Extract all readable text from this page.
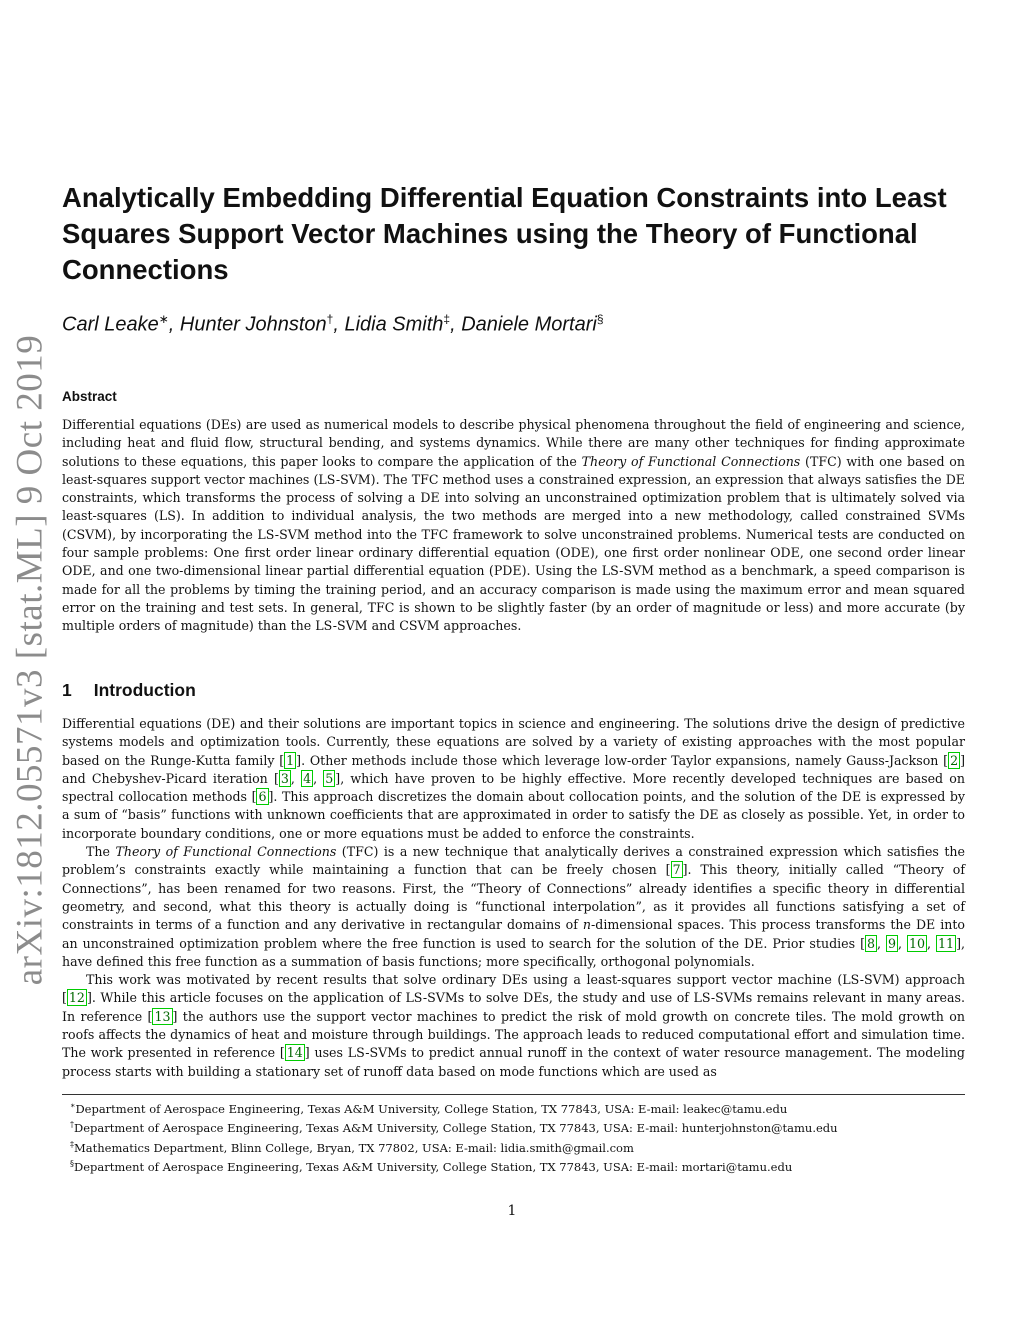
arXiv:1812.05571v3 [stat.ML] 9 Oct 2019
Analytically Embedding Differential Equation Constraints into Least Squares Support Vector Machines using the Theory of Functional Connections
Carl Leake∗, Hunter Johnston†, Lidia Smith‡, Daniele Mortari§
Abstract
Differential equations (DEs) are used as numerical models to describe physical phenomena throughout the field of engineering and science, including heat and fluid flow, structural bending, and systems dynamics. While there are many other techniques for finding approximate solutions to these equations, this paper looks to compare the application of the Theory of Functional Connections (TFC) with one based on least-squares support vector machines (LS-SVM). The TFC method uses a constrained expression, an expression that always satisfies the DE constraints, which transforms the process of solving a DE into solving an unconstrained optimization problem that is ultimately solved via least-squares (LS). In addition to individual analysis, the two methods are merged into a new methodology, called constrained SVMs (CSVM), by incorporating the LS-SVM method into the TFC framework to solve unconstrained problems. Numerical tests are conducted on four sample problems: One first order linear ordinary differential equation (ODE), one first order nonlinear ODE, one second order linear ODE, and one two-dimensional linear partial differential equation (PDE). Using the LS-SVM method as a benchmark, a speed comparison is made for all the problems by timing the training period, and an accuracy comparison is made using the maximum error and mean squared error on the training and test sets. In general, TFC is shown to be slightly faster (by an order of magnitude or less) and more accurate (by multiple orders of magnitude) than the LS-SVM and CSVM approaches.
1 Introduction

Differential equations (DE) and their solutions are important topics in science and engineering. The solutions drive the design of predictive systems models and optimization tools. Currently, these equations are solved by a variety of existing approaches with the most popular based on the Runge-Kutta family [ 1 ]. Other methods include those which leverage low-order Taylor expansions, namely Gauss-Jackson [ 2 ] and Chebyshev-Picard iteration [ 3 , 4 , 5 ], which have proven to be highly effective. More recently developed techniques are based on spectral collocation methods [ 6 ]. This approach discretizes the domain about collocation points, and the solution of the DE is expressed by a sum of “basis” functions with unknown coefficients that are approximated in order to satisfy the DE as closely as possible. Yet, in order to incorporate boundary conditions, one or more equations must be added to enforce the constraints.

The Theory of Functional Connections (TFC) is a new technique that analytically derives a constrained expression which satisfies the problem’s constraints exactly while maintaining a function that can be freely chosen [ 7 ]. This theory, initially called “Theory of Connections”, has been renamed for two reasons. First, the “Theory of Connections” already identifies a specific theory in differential geometry, and second, what this theory is actually doing is “functional interpolation”, as it provides all functions satisfying a set of constraints in terms of a function and any derivative in rectangular domains of n-dimensional spaces. This process transforms the DE into an unconstrained optimization problem where the free function is used to search for the solution of the DE. Prior studies [ 8 , 9 , 10 , 11 ], have defined this free function as a summation of basis functions; more specifically, orthogonal polynomials.

This work was motivated by recent results that solve ordinary DEs using a least-squares support vector machine (LS-SVM) approach [ 12 ]. While this article focuses on the application of LS-SVMs to solve DEs, the study and use of LS-SVMs remains relevant in many areas. In reference [ 13 ] the authors use the support vector machines to predict the risk of mold growth on concrete tiles. The mold growth on roofs affects the dynamics of heat and moisture through buildings. The approach leads to reduced computational effort and simulation time. The work presented in reference [ 14 ] uses LS-SVMs to predict annual runoff in the context of water resource management. The modeling process starts with building a stationary set of runoff data based on mode functions which are used as

∗Department of Aerospace Engineering, Texas A&M University, College Station, TX 77843, USA: E-mail: leakec@tamu.edu

†Department of Aerospace Engineering, Texas A&M University, College Station, TX 77843, USA: E-mail: hunterjohnston@tamu.edu

‡Mathematics Department, Blinn College, Bryan, TX 77802, USA: E-mail: lidia.smith@gmail.com

§Department of Aerospace Engineering, Texas A&M University, College Station, TX 77843, USA: E-mail: mortari@tamu.edu

1
